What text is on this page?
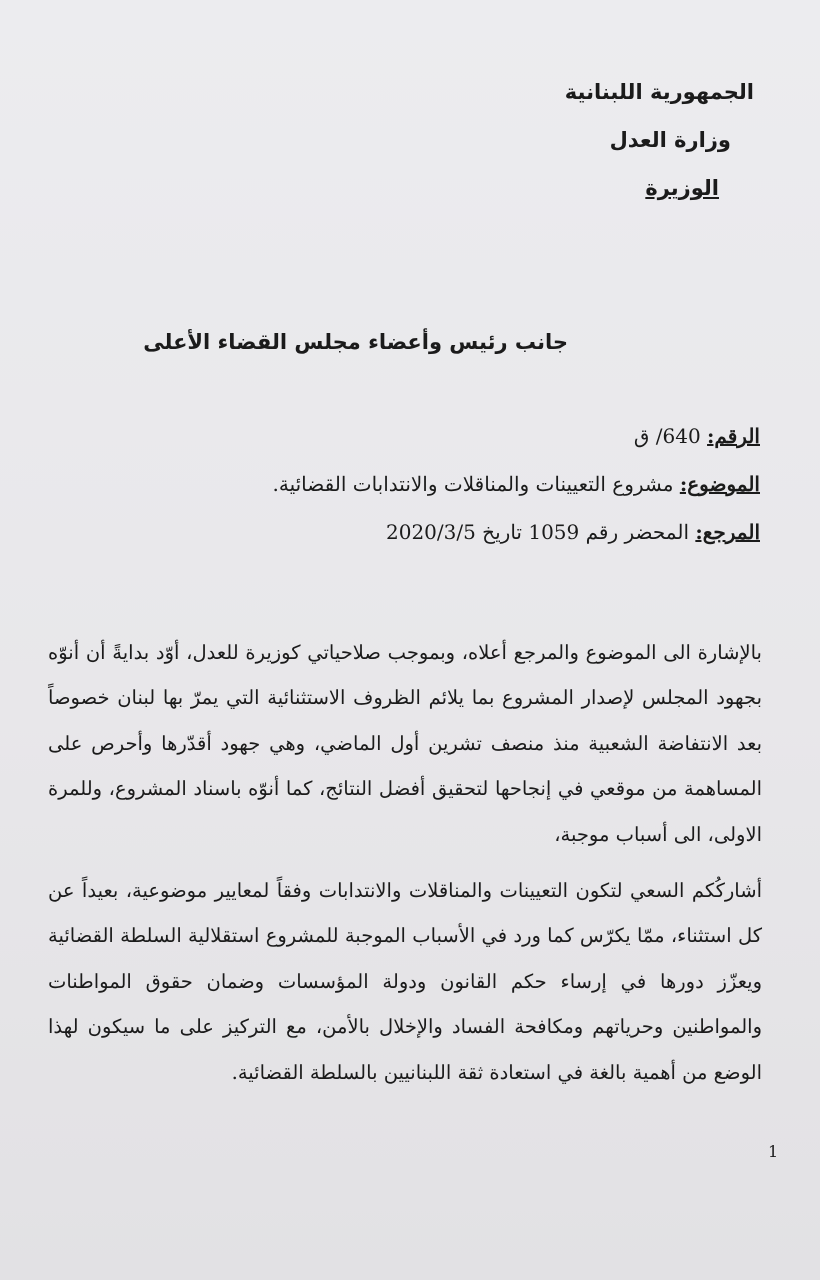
الجمهورية اللبنانية
وزارة العدل
الوزيرة
جانب رئيس وأعضاء مجلس القضاء الأعلى
الرقم: 640/ ق
الموضوع: مشروع التعيينات والمناقلات والانتدابات القضائية.
المرجع: المحضر رقم 1059 تاريخ 2020/3/5

بالإشارة الى الموضوع والمرجع أعلاه، وبموجب صلاحياتي كوزيرة للعدل، أوّد بدايةً أن أنوّه بجهود المجلس لإصدار المشروع بما يلائم الظروف الاستثنائية التي يمرّ بها لبنان خصوصاً بعد الانتفاضة الشعبية منذ منصف تشرين أول الماضي، وهي جهود أقدّرها وأحرص على المساهمة من موقعي في إنجاحها لتحقيق أفضل النتائج، كما أنوّه باسناد المشروع، وللمرة الاولى، الى أسباب موجبة،

أشاركُكم السعي لتكون التعيينات والمناقلات والانتدابات وفقاً لمعايير موضوعية، بعيداً عن كل استثناء، ممّا يكرّس كما ورد في الأسباب الموجبة للمشروع استقلالية السلطة القضائية ويعزّز دورها في إرساء حكم القانون ودولة المؤسسات وضمان حقوق المواطنات والمواطنين وحرياتهم ومكافحة الفساد والإخلال بالأمن، مع التركيز على ما سيكون لهذا الوضع من أهمية بالغة في استعادة ثقة اللبنانيين بالسلطة القضائية.

1
